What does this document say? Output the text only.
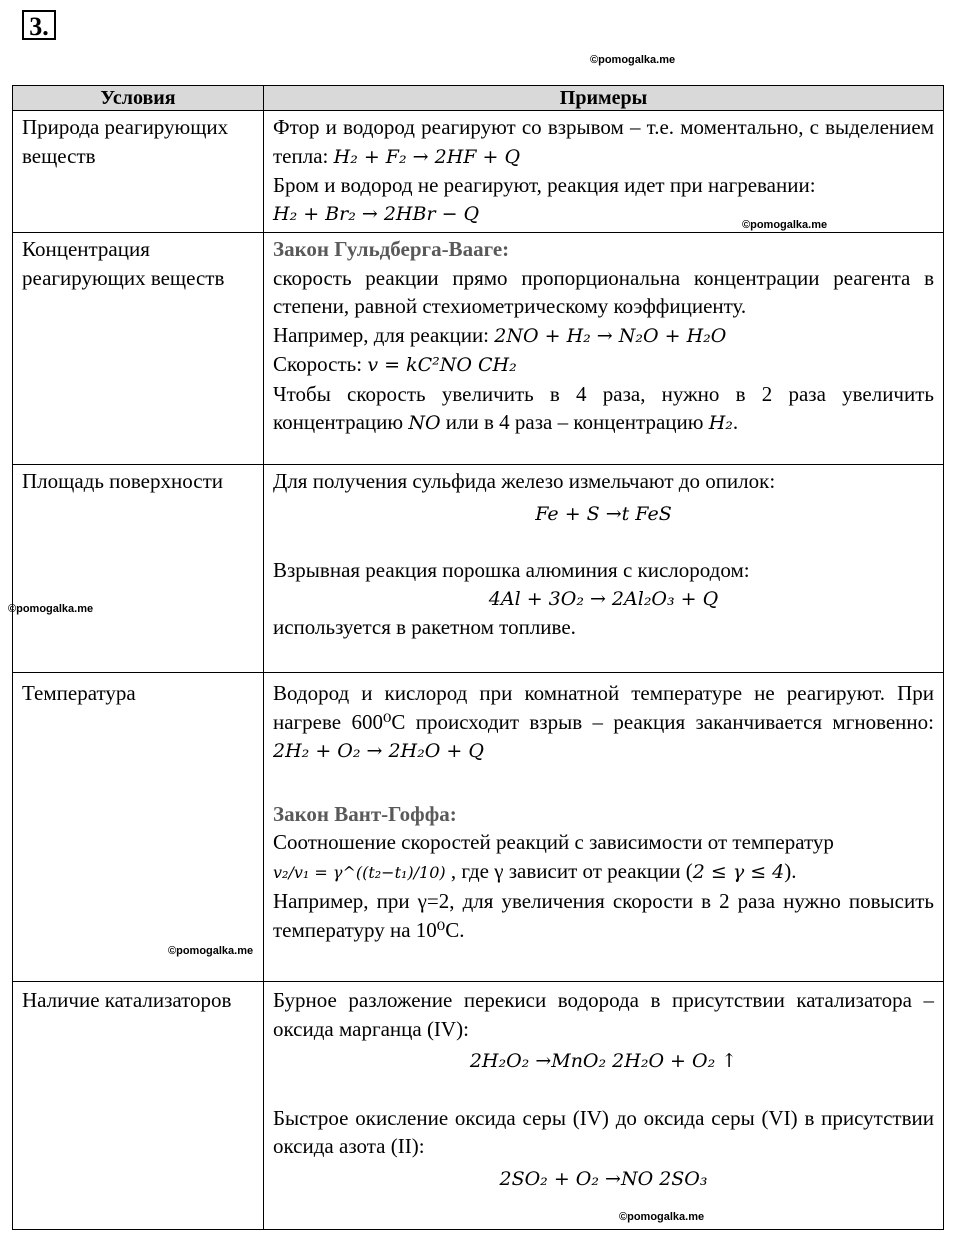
3.
©pomogalka.me
©pomogalka.me
©pomogalka.me
©pomogalka.me
©pomogalka.me
Условия	Примеры
Природа реагирующих веществ	Фтор и водород реагируют со взрывом – т.е. моментально, с выделением тепла: H₂ + F₂ → 2HF + Q
Бром и водород не реагируют, реакция идет при нагревании:
H₂ + Br₂ → 2HBr − Q

Концентрация реагирующих веществ	Закон Гульдберга-Вааге:
скорость реакции прямо пропорциональна концентрации реагента в степени, равной стехиометрическому коэффициенту.
Например, для реакции: 2NO + H₂ → N₂O + H₂O
Скорость: v = kC²NO CH₂
Чтобы скорость увеличить в 4 раза, нужно в 2 раза увеличить концентрацию NO или в 4 раза – концентрацию H₂.

Площадь поверхности	Для получения сульфида железо измельчают до опилок:
Fe + S →t FeS
Взрывная реакция порошка алюминия с кислородом:
4Al + 3O₂ → 2Al₂O₃ + Q
используется в ракетном топливе.

Температура	Водород и кислород при комнатной температуре не реагируют. При нагреве 600⁰С происходит взрыв – реакция заканчивается мгновенно: 2H₂ + O₂ → 2H₂O + Q
Закон Вант-Гоффа:
Соотношение скоростей реакций с зависимости от температур
v₂/v₁ = γ^((t₂−t₁)/10) , где γ зависит от реакции (2 ≤ γ ≤ 4).
Например, при γ=2, для увеличения скорости в 2 раза нужно повысить температуру на 10⁰С.

Наличие катализаторов	Бурное разложение перекиси водорода в присутствии катализатора – оксида марганца (IV):
2H₂O₂ →MnO₂ 2H₂O + O₂ ↑
Быстрое окисление оксида серы (IV) до оксида серы (VI) в присутствии оксида азота (II):
2SO₂ + O₂ →NO 2SO₃
